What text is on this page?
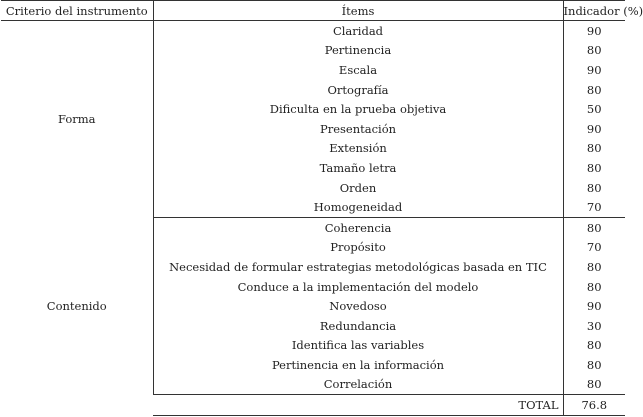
Criterio del instrumento	Ítems	Indicador (%)
Forma	Claridad	90
	Pertinencia	80
	Escala	90
	Ortografía	80
	Dificulta en la prueba objetiva	50
	Presentación	90
	Extensión	80
	Tamaño letra	80
	Orden	80
	Homogeneidad	70
Contenido	Coherencia	80
	Propósito	70
	Necesidad de formular estrategias metodológicas basada en TIC	80
	Conduce a la implementación del modelo	80
	Novedoso	90
	Redundancia	30
	Identifica las variables	80
	Pertinencia en la información	80
	Correlación	80
	TOTAL	76.8
